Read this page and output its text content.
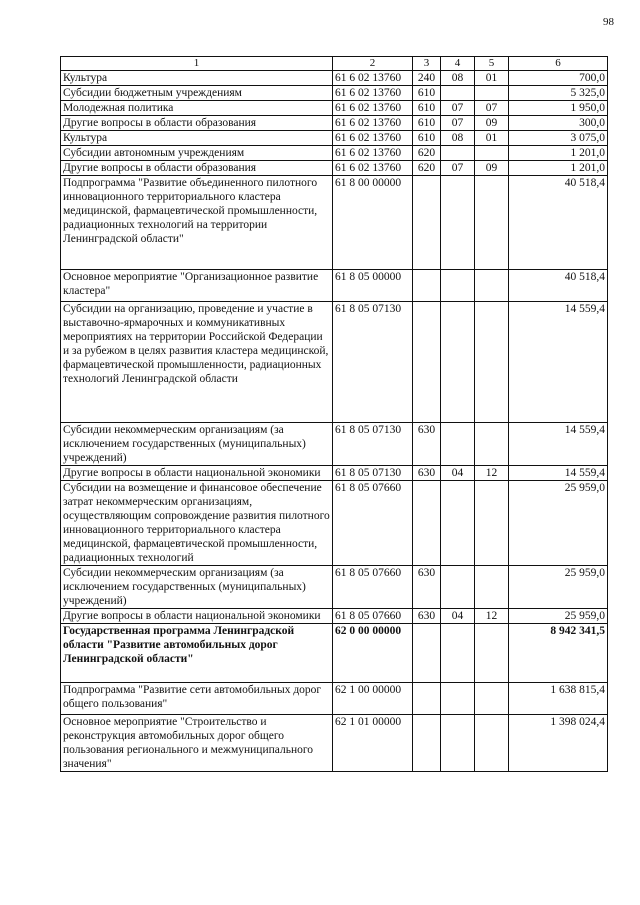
98
1	2	3	4	5	6
Культура	61 6 02 13760	240	08	01	700,0
Субсидии бюджетным учреждениям	61 6 02 13760	610			5 325,0
Молодежная политика	61 6 02 13760	610	07	07	1 950,0
Другие вопросы в области образования	61 6 02 13760	610	07	09	300,0
Культура	61 6 02 13760	610	08	01	3 075,0
Субсидии автономным учреждениям	61 6 02 13760	620			1 201,0
Другие вопросы в области образования	61 6 02 13760	620	07	09	1 201,0
Подпрограмма "Развитие объединенного пилотного инновационного территориального кластера медицинской, фармацевтической промышленности, радиационных технологий на территории Ленинградской области"	61 8 00 00000				40 518,4
Основное мероприятие "Организационное развитие кластера"	61 8 05 00000				40 518,4
Субсидии на организацию, проведение и участие в выставочно-ярмарочных и коммуникативных мероприятиях на территории Российской Федерации и за рубежом в целях развития кластера медицинской, фармацевтической промышленности, радиационных технологий Ленинградской области	61 8 05 07130				14 559,4
Субсидии некоммерческим организациям (за исключением государственных (муниципальных) учреждений)	61 8 05 07130	630			14 559,4
Другие вопросы в области национальной экономики	61 8 05 07130	630	04	12	14 559,4
Субсидии на возмещение и финансовое обеспечение затрат некоммерческим организациям, осуществляющим сопровождение развития пилотного инновационного территориального кластера медицинской, фармацевтической промышленности, радиационных технологий	61 8 05 07660				25 959,0
Субсидии некоммерческим организациям (за исключением государственных (муниципальных) учреждений)	61 8 05 07660	630			25 959,0
Другие вопросы в области национальной экономики	61 8 05 07660	630	04	12	25 959,0
Государственная программа Ленинградской области "Развитие автомобильных дорог Ленинградской области"	62 0 00 00000				8 942 341,5
Подпрограмма "Развитие сети автомобильных дорог общего пользования"	62 1 00 00000				1 638 815,4
Основное мероприятие "Строительство и реконструкция автомобильных дорог общего пользования регионального и межмуниципального значения"	62 1 01 00000				1 398 024,4
